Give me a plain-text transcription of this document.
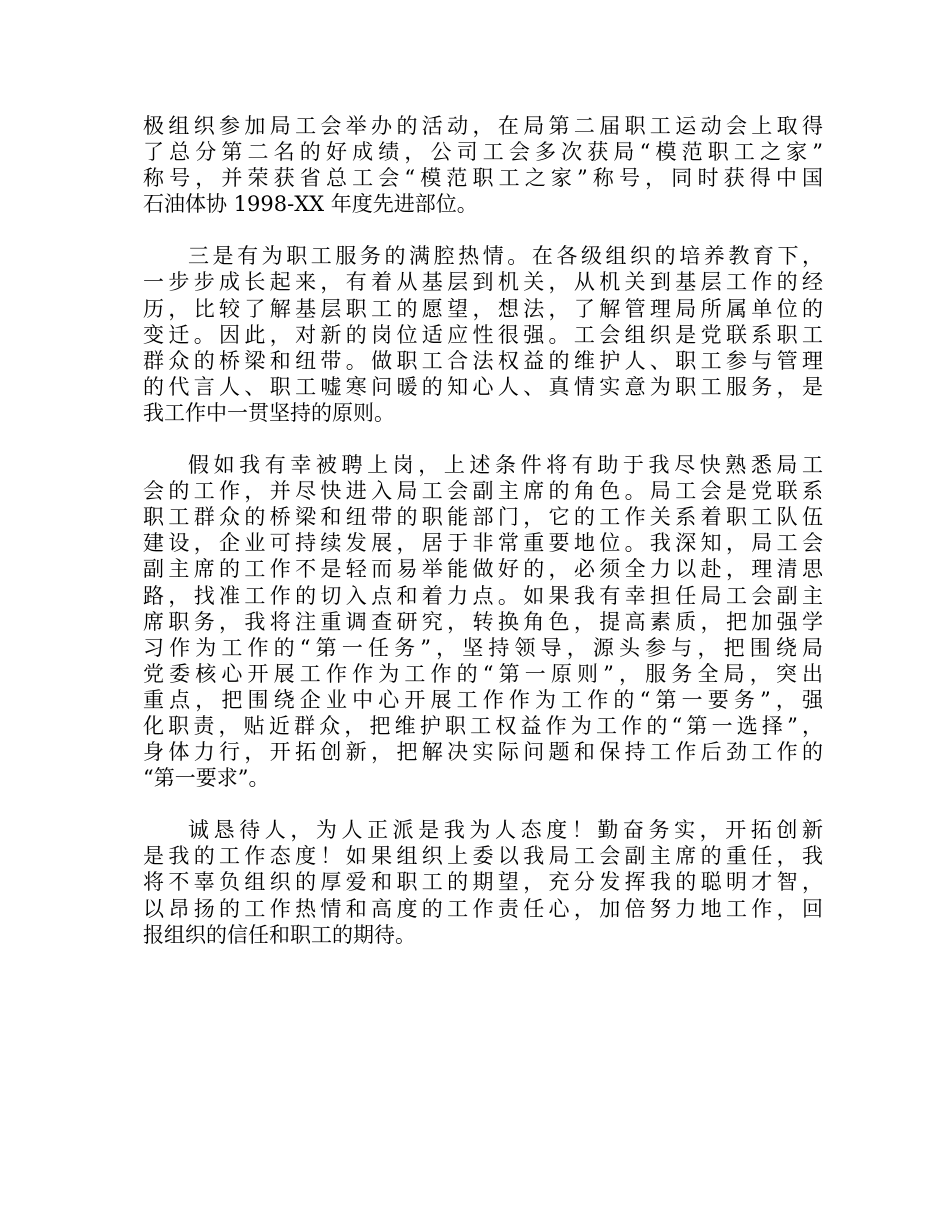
极组织参加局工会举办的活动，在局第二届职工运动会上取得
了总分第二名的好成绩，公司工会多次获局“模范职工之家”
称号，并荣获省总工会“模范职工之家”称号，同时获得中国
石油体协 1998-XX 年度先进部位。
三是有为职工服务的满腔热情。在各级组织的培养教育下，
一步步成长起来，有着从基层到机关，从机关到基层工作的经
历，比较了解基层职工的愿望，想法，了解管理局所属单位的
变迁。因此，对新的岗位适应性很强。工会组织是党联系职工
群众的桥梁和纽带。做职工合法权益的维护人、职工参与管理
的代言人、职工嘘寒问暖的知心人、真情实意为职工服务，是
我工作中一贯坚持的原则。
假如我有幸被聘上岗，上述条件将有助于我尽快熟悉局工
会的工作，并尽快进入局工会副主席的角色。局工会是党联系
职工群众的桥梁和纽带的职能部门，它的工作关系着职工队伍
建设，企业可持续发展，居于非常重要地位。我深知，局工会
副主席的工作不是轻而易举能做好的，必须全力以赴，理清思
路，找准工作的切入点和着力点。如果我有幸担任局工会副主
席职务，我将注重调查研究，转换角色，提高素质，把加强学
习作为工作的“第一任务”，坚持领导，源头参与，把围绕局
党委核心开展工作作为工作的“第一原则”，服务全局，突出
重点，把围绕企业中心开展工作作为工作的“第一要务”，强
化职责，贴近群众，把维护职工权益作为工作的“第一选择”，
身体力行，开拓创新，把解决实际问题和保持工作后劲工作的
“第一要求”。
诚恳待人，为人正派是我为人态度！勤奋务实，开拓创新
是我的工作态度！如果组织上委以我局工会副主席的重任，我
将不辜负组织的厚爱和职工的期望，充分发挥我的聪明才智，
以昂扬的工作热情和高度的工作责任心，加倍努力地工作，回
报组织的信任和职工的期待。
